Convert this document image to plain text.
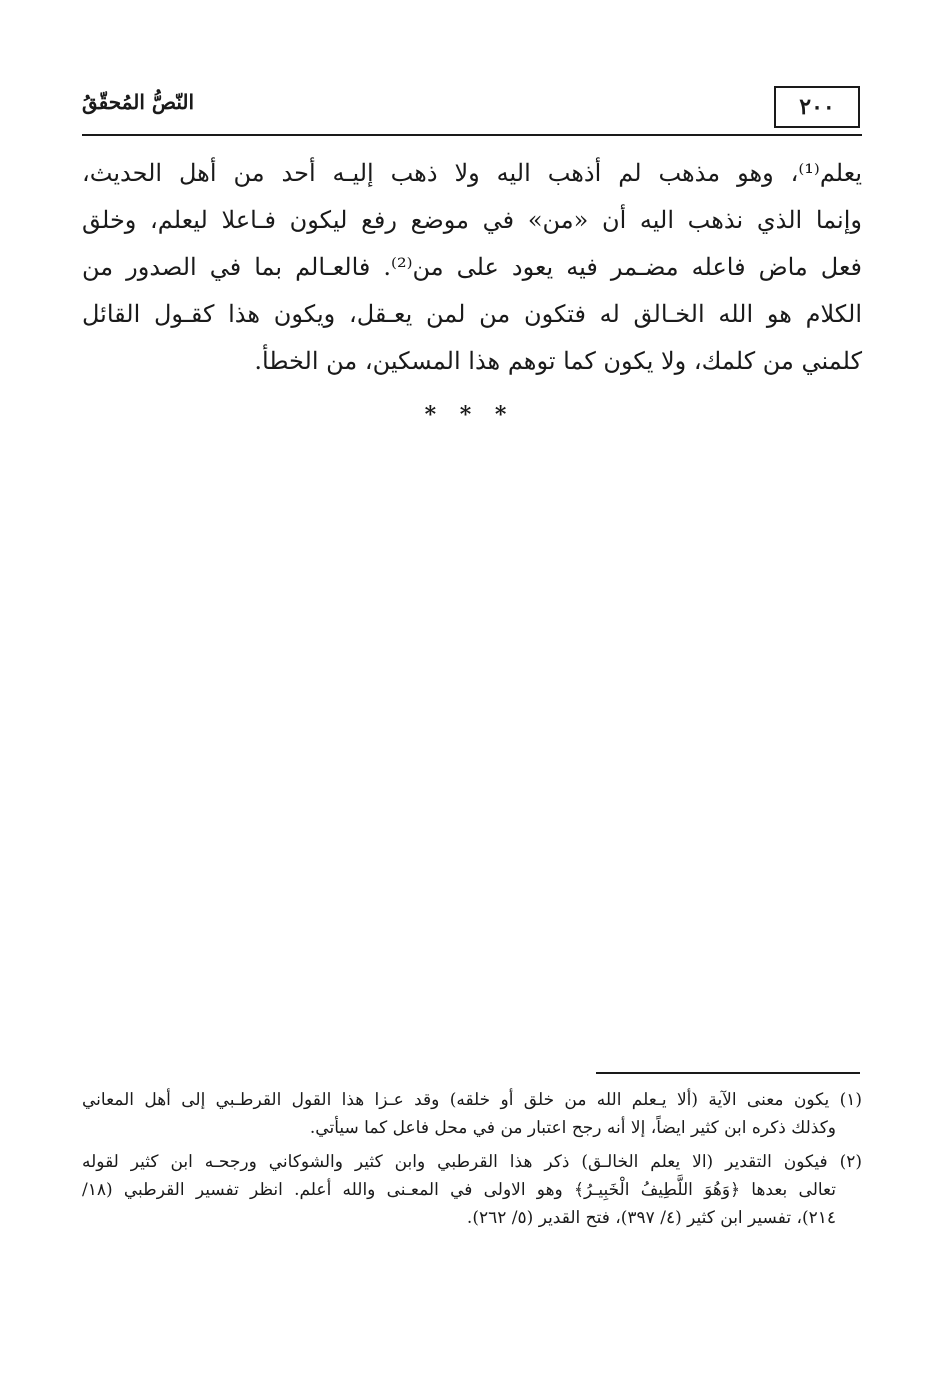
٢٠٠
النّصُّ المُحقّقُ
يعلم⁽¹⁾، وهو مذهب لم أذهب اليه ولا ذهب إليـه أحد من أهل الحديث،
وإنما الذي نذهب اليه أن «من» في موضع رفع ليكون فـاعلا ليعلم، وخلق
فعل ماض فاعله مضـمر فيه يعود على من⁽²⁾. فالعـالم بما في الصدور من
الكلام هو الله الخـالق له فتكون من لمن يعـقل، ويكون هذا كقـول القائل
كلمني من كلمك، ولا يكون كما توهم هذا المسكين، من الخطأ.
* * *
(١) يكون معنى الآية (ألا يـعلم الله من خلق أو خلقه) وقد عـزا هذا القول القرطـبي إلى أهل المعاني
وكذلك ذكره ابن كثير ايضاً، إلا أنه رجح اعتبار من في محل فاعل كما سيأتي.
(٢) فيكون التقدير (الا يعلم الخالـق) ذكر هذا القرطبي وابن كثير والشوكاني ورجحـه ابن كثير لقوله
تعالى بعدها ﴿وَهُوَ اللَّطِيفُ الْخَبِيـرُ﴾ وهو الاولى في المعـنى والله أعلم. انظر تفسير القرطبي (١٨/
٢١٤)، تفسير ابن كثير (٤/ ٣٩٧)، فتح القدير (٥/ ٢٦٢).
